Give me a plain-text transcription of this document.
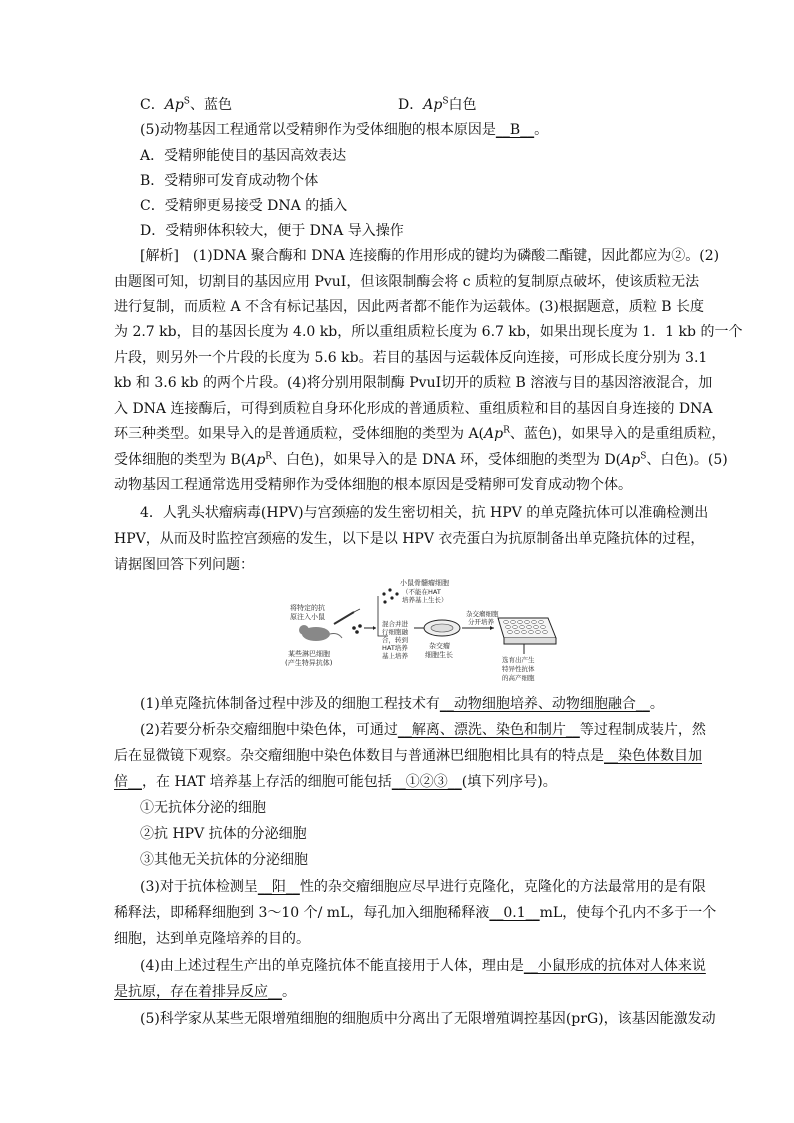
C．$Ap^S$、蓝色	D．$Ap^S$白色
(5)动物基因工程通常以受精卵作为受体细胞的根本原因是__B__。
A．受精卵能使目的基因高效表达
B．受精卵可发育成动物个体
C．受精卵更易接受 DNA 的插入
D．受精卵体积较大，便于 DNA 导入操作
[解析]　(1)DNA 聚合酶和 DNA 连接酶的作用形成的键均为磷酸二酯键，因此都应为②。(2)
由题图可知，切割目的基因应用 PvuⅠ，但该限制酶会将 c 质粒的复制原点破坏，使该质粒无法
进行复制，而质粒 A 不含有标记基因，因此两者都不能作为运载体。(3)根据题意，质粒 B 长度
为 2.7 kb，目的基因长度为 4.0 kb，所以重组质粒长度为 6.7 kb，如果出现长度为 1．1 kb 的一个
片段，则另外一个片段的长度为 5.6 kb。若目的基因与运载体反向连接，可形成长度分别为 3.1
kb 和 3.6 kb 的两个片段。(4)将分别用限制酶 PvuⅠ切开的质粒 B 溶液与目的基因溶液混合，加
入 DNA 连接酶后，可得到质粒自身环化形成的普通质粒、重组质粒和目的基因自身连接的 DNA
环三种类型。如果导入的是普通质粒，受体细胞的类型为 $A(Ap^R$、蓝色)，如果导入的是重组质粒，
受体细胞的类型为 $B(Ap^R$、白色)，如果导入的是 DNA 环，受体细胞的类型为 $D(Ap^S$、白色)。(5)
动物基因工程通常选用受精卵作为受体细胞的根本原因是受精卵可发育成动物个体。
4．人乳头状瘤病毒(HPV)与宫颈癌的发生密切相关，抗 HPV 的单克隆抗体可以准确检测出
HPV，从而及时监控宫颈癌的发生，以下是以 HPV 衣壳蛋白为抗原制备出单克隆抗体的过程，
请据图回答下列问题：
将特定的抗
原注入小鼠
某些淋巴细胞
(产生特异抗体)
小鼠骨髓瘤细胞
（不能在HAT
培养基上生长）
混合并进
行细胞融
合，转到
HAT培养
基上培养
杂交瘤
细胞生长
杂交瘤细胞
分开培养
选育出产生
特异性抗体
的高产细胞
(1)单克隆抗体制备过程中涉及的细胞工程技术有__动物细胞培养、动物细胞融合__。
(2)若要分析杂交瘤细胞中染色体，可通过__解离、漂洗、染色和制片__等过程制成装片，然
后在显微镜下观察。杂交瘤细胞中染色体数目与普通淋巴细胞相比具有的特点是__染色体数目加
倍__，在 HAT 培养基上存活的细胞可能包括__①②③__(填下列序号)。
①无抗体分泌的细胞
②抗 HPV 抗体的分泌细胞
③其他无关抗体的分泌细胞
(3)对于抗体检测呈__阳__性的杂交瘤细胞应尽早进行克隆化，克隆化的方法最常用的是有限
稀释法，即稀释细胞到 3～10 个/ mL，每孔加入细胞稀释液__0.1__mL，使每个孔内不多于一个
细胞，达到单克隆培养的目的。
(4)由上述过程生产出的单克隆抗体不能直接用于人体，理由是__小鼠形成的抗体对人体来说
是抗原，存在着排异反应__。
(5)科学家从某些无限增殖细胞的细胞质中分离出了无限增殖调控基因(prG)，该基因能激发动
